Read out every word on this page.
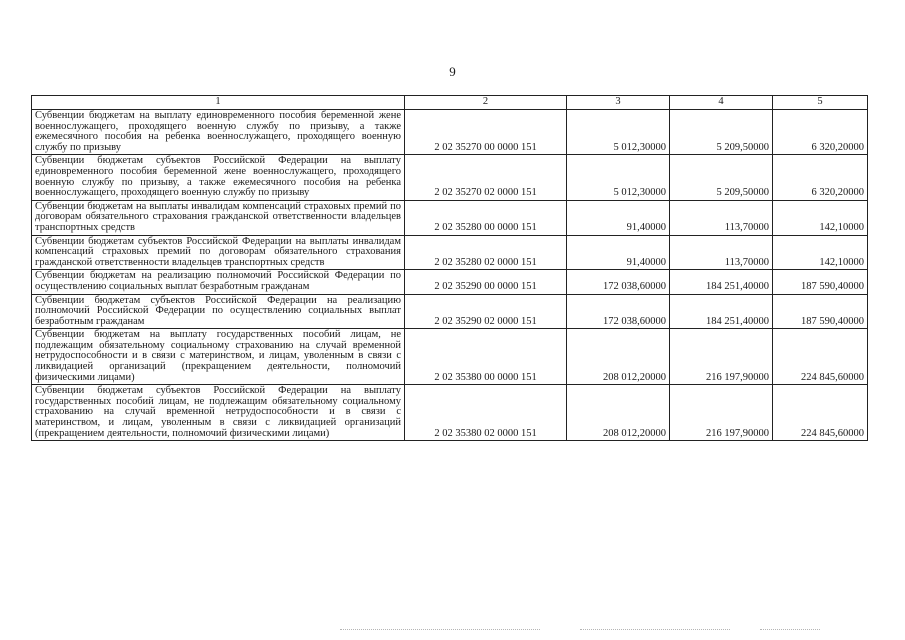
9
1	2	3	4	5
Субвенции бюджетам на выплату единовременного пособия беременной жене военнослужащего, проходящего военную службу по призыву, а также ежемесячного пособия на ребенка военнослужащего, проходящего военную службу по призыву	2 02 35270 00 0000 151	5 012,30000	5 209,50000	6 320,20000
Субвенции бюджетам субъектов Российской Федерации на выплату единовременного пособия беременной жене военнослужащего, проходящего военную службу по призыву, а также ежемесячного пособия на ребенка военнослужащего, проходящего военную службу по призыву	2 02 35270 02 0000 151	5 012,30000	5 209,50000	6 320,20000
Субвенции бюджетам на выплаты инвалидам компенсаций страховых премий по договорам обязательного страхования гражданской ответственности владельцев транспортных средств	2 02 35280 00 0000 151	91,40000	113,70000	142,10000
Субвенции бюджетам субъектов Российской Федерации на выплаты инвалидам компенсаций страховых премий по договорам обязательного страхования гражданской ответственности владельцев транспортных средств	2 02 35280 02 0000 151	91,40000	113,70000	142,10000
Субвенции бюджетам на реализацию полномочий Российской Федерации по осуществлению социальных выплат безработным гражданам	2 02 35290 00 0000 151	172 038,60000	184 251,40000	187 590,40000
Субвенции бюджетам субъектов Российской Федерации на реализацию полномочий Российской Федерации по осуществлению социальных выплат безработным гражданам	2 02 35290 02 0000 151	172 038,60000	184 251,40000	187 590,40000
Субвенции бюджетам на выплату государственных пособий лицам, не подлежащим обязательному социальному страхованию на случай временной нетрудоспособности и в связи с материнством, и лицам, уволенным в связи с ликвидацией организаций (прекращением деятельности, полномочий физическими лицами)	2 02 35380 00 0000 151	208 012,20000	216 197,90000	224 845,60000
Субвенции бюджетам субъектов Российской Федерации на выплату государственных пособий лицам, не подлежащим обязательному социальному страхованию на случай временной нетрудоспособности и в связи с материнством, и лицам, уволенным в связи с ликвидацией организаций (прекращением деятельности, полномочий физическими лицами)	2 02 35380 02 0000 151	208 012,20000	216 197,90000	224 845,60000
